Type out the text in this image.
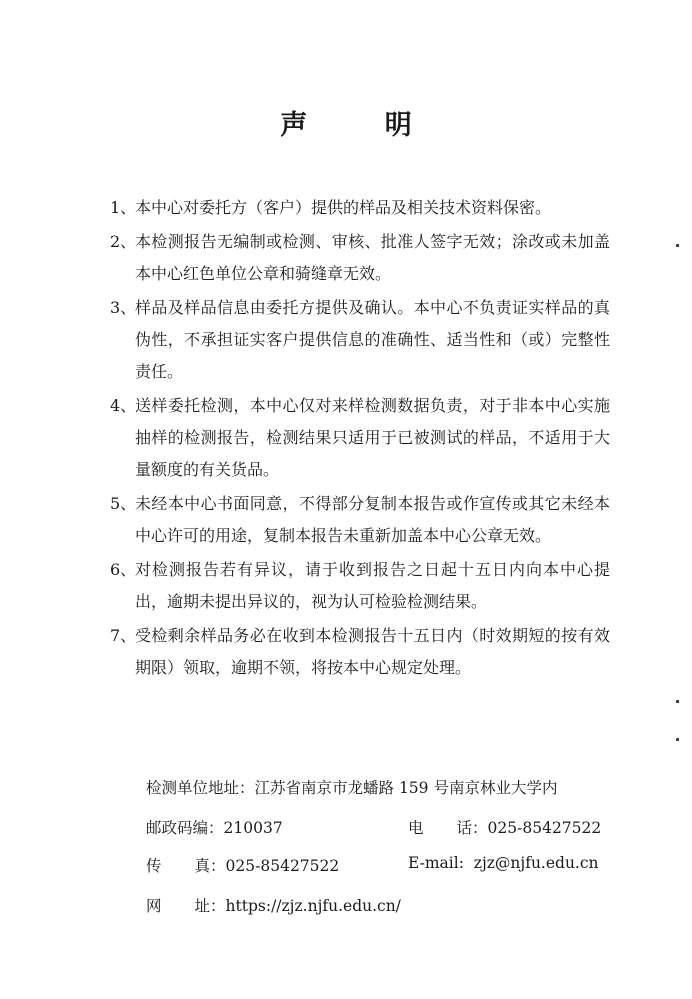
声 明
1、
本中心对委托方（客户）提供的样品及相关技术资料保密。
2、
本检测报告无编制或检测、审核、批准人签字无效；涂改或未加盖本中心红色单位公章和骑缝章无效。
3、
样品及样品信息由委托方提供及确认。本中心不负责证实样品的真伪性，不承担证实客户提供信息的准确性、适当性和（或）完整性责任。
4、
送样委托检测，本中心仅对来样检测数据负责，对于非本中心实施抽样的检测报告，检测结果只适用于已被测试的样品，不适用于大量额度的有关货品。
5、
未经本中心书面同意，不得部分复制本报告或作宣传或其它未经本中心许可的用途，复制本报告未重新加盖本中心公章无效。
6、
对检测报告若有异议，请于收到报告之日起十五日内向本中心提出，逾期未提出异议的，视为认可检验检测结果。
7、
受检剩余样品务必在收到本检测报告十五日内（时效期短的按有效期限）领取，逾期不领，将按本中心规定处理。
检测单位地址：江苏省南京市龙蟠路 159 号南京林业大学内
邮政码编：210037	电 话：025-85427522
传 真：025-85427522	E-mail: zjz@njfu.edu.cn
网 址：https://zjz.njfu.edu.cn/
